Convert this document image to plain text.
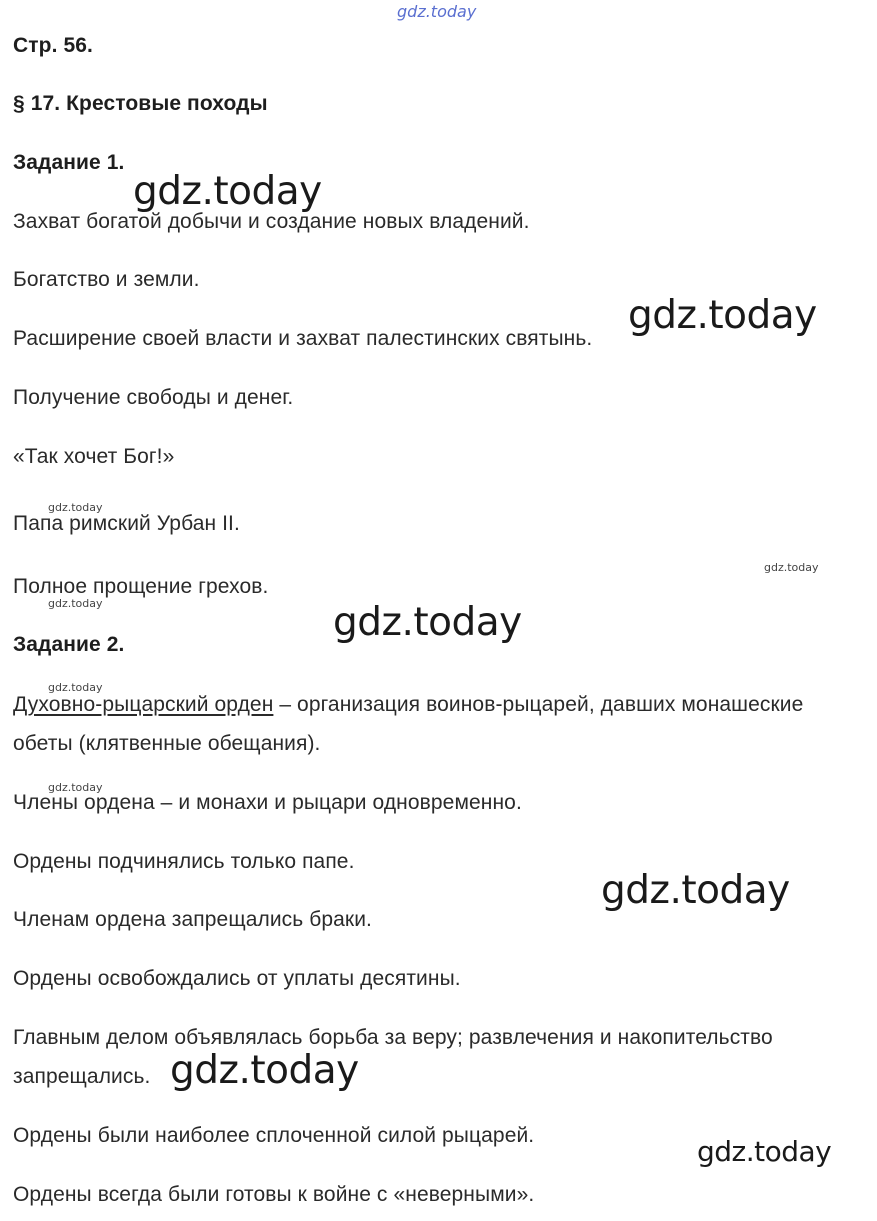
gdz.today
Стр. 56.
§ 17. Крестовые походы
Задание 1.
Захват богатой добычи и создание новых владений.
Богатство и земли.
Расширение своей власти и захват палестинских святынь.
Получение свободы и денег.
«Так хочет Бог!»
Папа римский Урбан II.
Полное прощение грехов.
Задание 2.
Духовно-рыцарский орден – организация воинов-рыцарей, давших монашеские
обеты (клятвенные обещания).
Члены ордена – и монахи и рыцари одновременно.
Ордены подчинялись только папе.
Членам ордена запрещались браки.
Ордены освобождались от уплаты десятины.
Главным делом объявлялась борьба за веру; развлечения и накопительство
запрещались.
Ордены были наиболее сплоченной силой рыцарей.
Ордены всегда были готовы к войне с «неверными».
gdz.today
gdz.today
gdz.today
gdz.today
gdz.today
gdz.today
gdz.today
gdz.today
gdz.today
gdz.today
gdz.today
